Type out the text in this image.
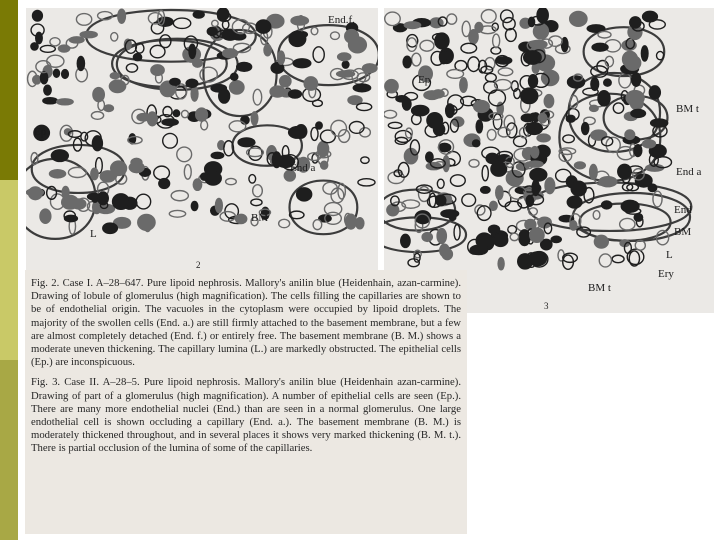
End.f.
Ep
End a
BM
L
2
Ep
BM t
End a
End
BM
L
Ery
BM t
3

Fig. 2. Case I. A–28–647. Pure lipoid nephrosis. Mallory's anilin blue (Heidenhain, azan-carmine). Drawing of lobule of glomerulus (high magnification). The cells filling the capillaries are shown to be of endothelial origin. The vacuoles in the cytoplasm were occupied by lipoid droplets. The majority of the swollen cells (End. a.) are still firmly attached to the basement membrane, but a few are almost completely detached (End. f.) or entirely free. The basement membrane (B. M.) shows a moderate uneven thickening. The capillary lumina (L.) are markedly obstructed. The epithelial cells (Ep.) are inconspicuous.

Fig. 3. Case II. A–28–5. Pure lipoid nephrosis. Mallory's anilin blue (Heidenhain azan-carmine). Drawing of part of a glomerulus (high magnification). A number of epithelial cells are seen (Ep.). There are many more endothelial nuclei (End.) than are seen in a normal glomerulus. One large endothelial cell is shown occluding a capillary (End. a.). The basement membrane (B. M.) is moderately thickened throughout, and in several places it shows very marked thickening (B. M. t.). There is partial occlusion of the lumina of some of the capillaries.
